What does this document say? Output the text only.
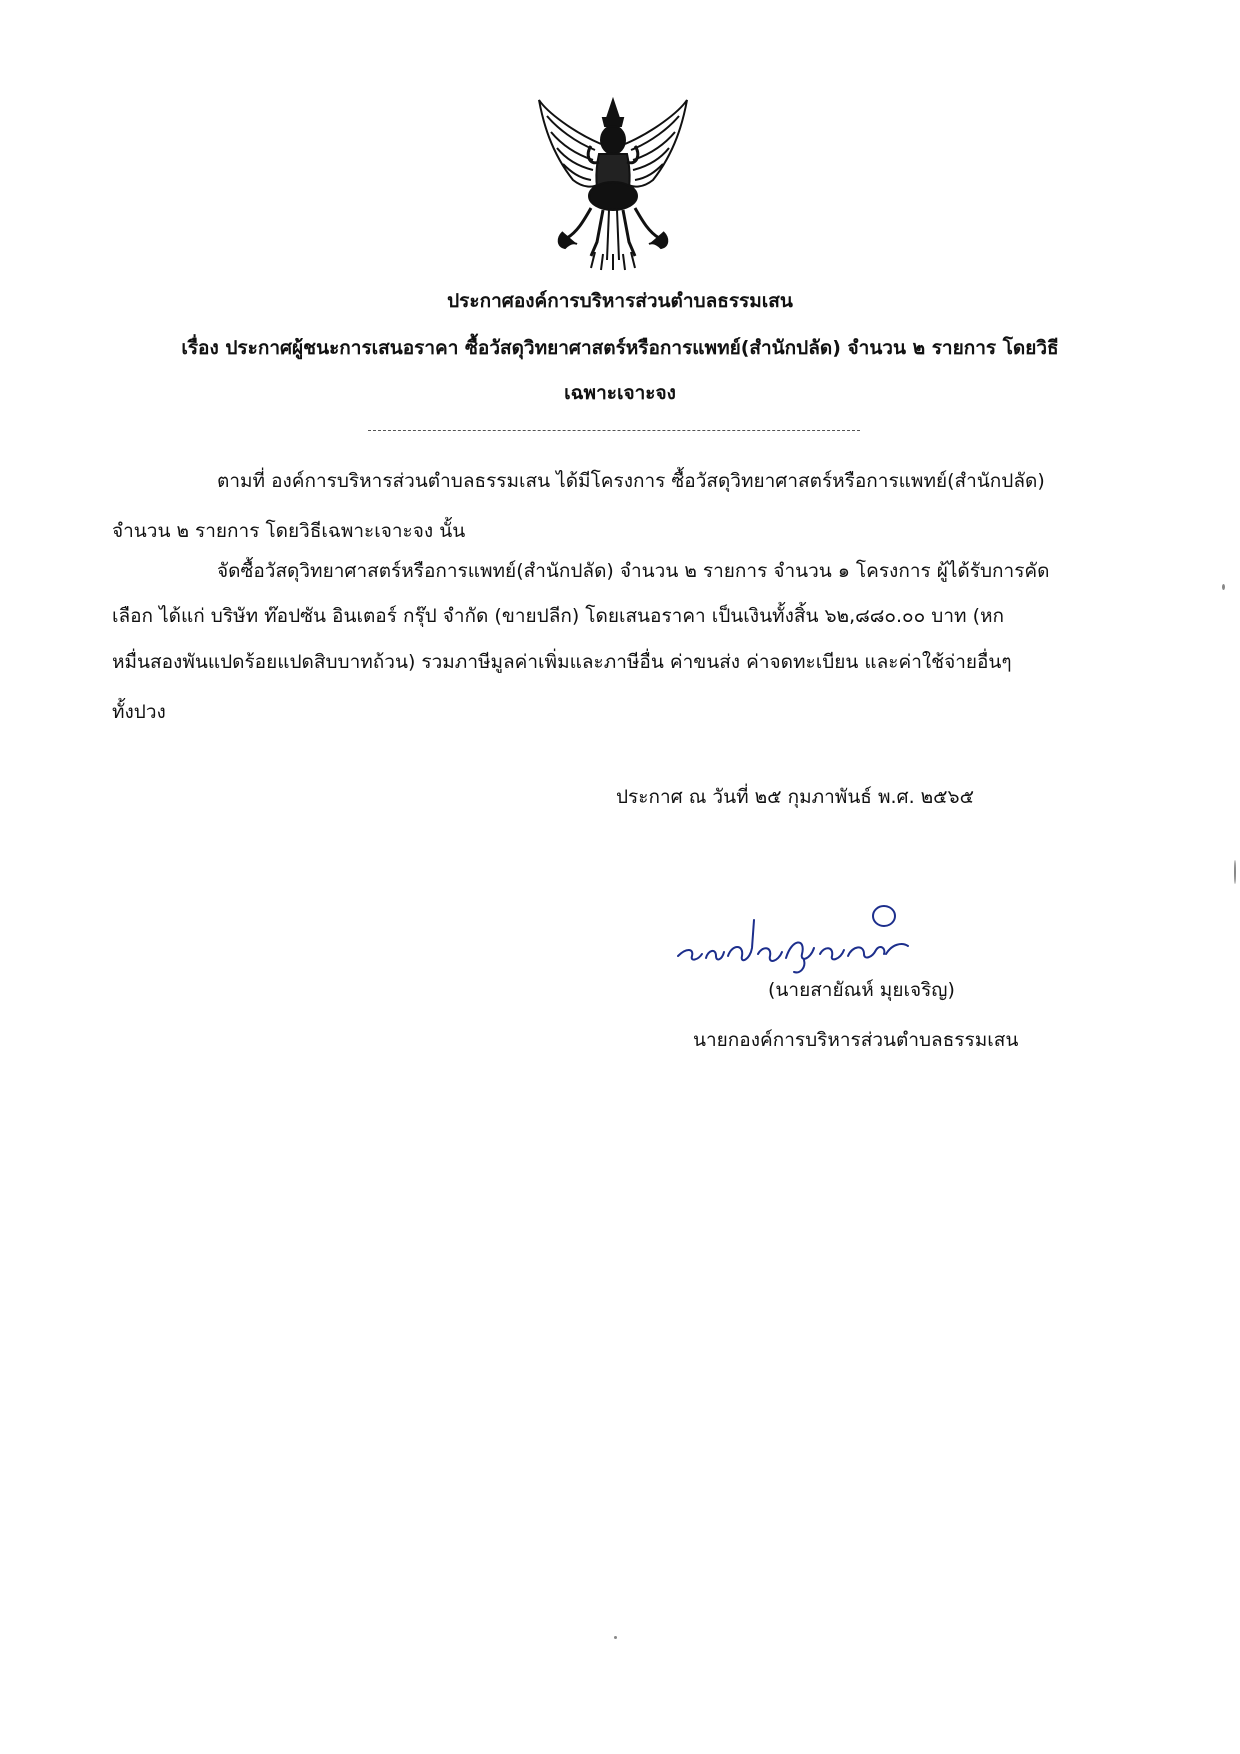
ประกาศองค์การบริหารส่วนตำบลธรรมเสน
เรื่อง ประกาศผู้ชนะการเสนอราคา ซื้อวัสดุวิทยาศาสตร์หรือการแพทย์(สำนักปลัด) จำนวน ๒ รายการ โดยวิธี
เฉพาะเจาะจง
ตามที่ องค์การบริหารส่วนตำบลธรรมเสน ได้มีโครงการ ซื้อวัสดุวิทยาศาสตร์หรือการแพทย์(สำนักปลัด)
จำนวน ๒ รายการ โดยวิธีเฉพาะเจาะจง นั้น
จัดซื้อวัสดุวิทยาศาสตร์หรือการแพทย์(สำนักปลัด) จำนวน ๒ รายการ จำนวน ๑ โครงการ ผู้ได้รับการคัด
เลือก ได้แก่ บริษัท ท๊อปซัน อินเตอร์ กรุ๊ป จำกัด (ขายปลีก) โดยเสนอราคา เป็นเงินทั้งสิ้น ๖๒,๘๘๐.๐๐ บาท (หก
หมื่นสองพันแปดร้อยแปดสิบบาทถ้วน) รวมภาษีมูลค่าเพิ่มและภาษีอื่น ค่าขนส่ง ค่าจดทะเบียน และค่าใช้จ่ายอื่นๆ
ทั้งปวง
ประกาศ ณ วันที่ ๒๕ กุมภาพันธ์ พ.ศ. ๒๕๖๕
(นายสายัณห์ มุยเจริญ)
นายกองค์การบริหารส่วนตำบลธรรมเสน
